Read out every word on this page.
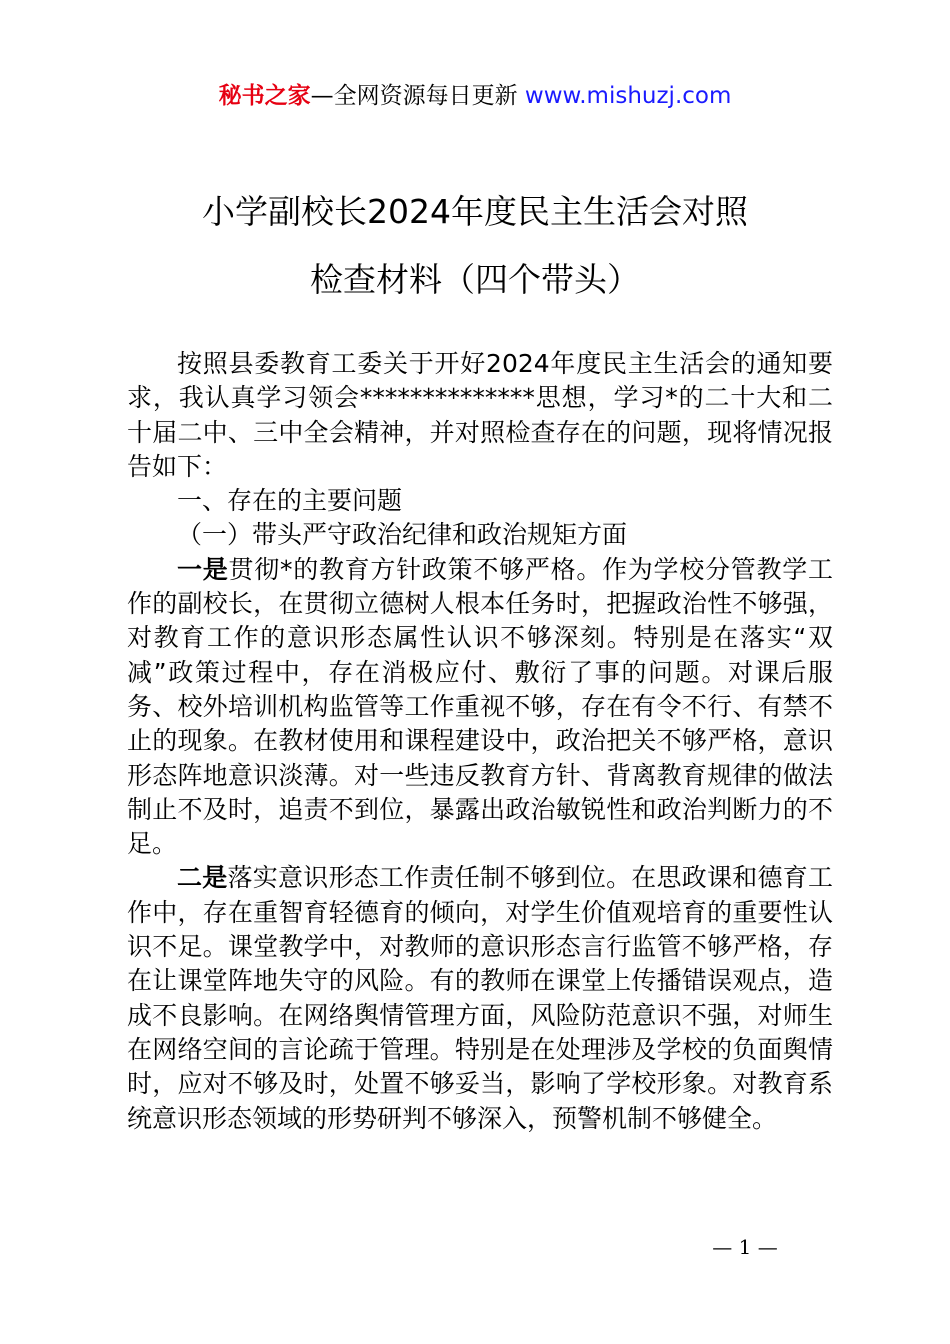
秘书之家—全网资源每日更新 www.mishuzj.com
小学副校长2024年度民主生活会对照
检查材料（四个带头）

按照县委教育工委关于开好2024年度民主生活会的通知要求，我认真学习领会**************思想，学习*的二十大和二十届二中、三中全会精神，并对照检查存在的问题，现将情况报告如下：

一、存在的主要问题

（一）带头严守政治纪律和政治规矩方面

一是贯彻*的教育方针政策不够严格。作为学校分管教学工作的副校长，在贯彻立德树人根本任务时，把握政治性不够强，对教育工作的意识形态属性认识不够深刻。特别是在落实“双减”政策过程中，存在消极应付、敷衍了事的问题。对课后服务、校外培训机构监管等工作重视不够，存在有令不行、有禁不止的现象。在教材使用和课程建设中，政治把关不够严格，意识形态阵地意识淡薄。对一些违反教育方针、背离教育规律的做法制止不及时，追责不到位，暴露出政治敏锐性和政治判断力的不足。

二是落实意识形态工作责任制不够到位。在思政课和德育工作中，存在重智育轻德育的倾向，对学生价值观培育的重要性认识不足。课堂教学中，对教师的意识形态言行监管不够严格，存在让课堂阵地失守的风险。有的教师在课堂上传播错误观点，造成不良影响。在网络舆情管理方面，风险防范意识不强，对师生在网络空间的言论疏于管理。特别是在处理涉及学校的负面舆情时，应对不够及时，处置不够妥当，影响了学校形象。对教育系统意识形态领域的形势研判不够深入，预警机制不够健全。

— 1 —
